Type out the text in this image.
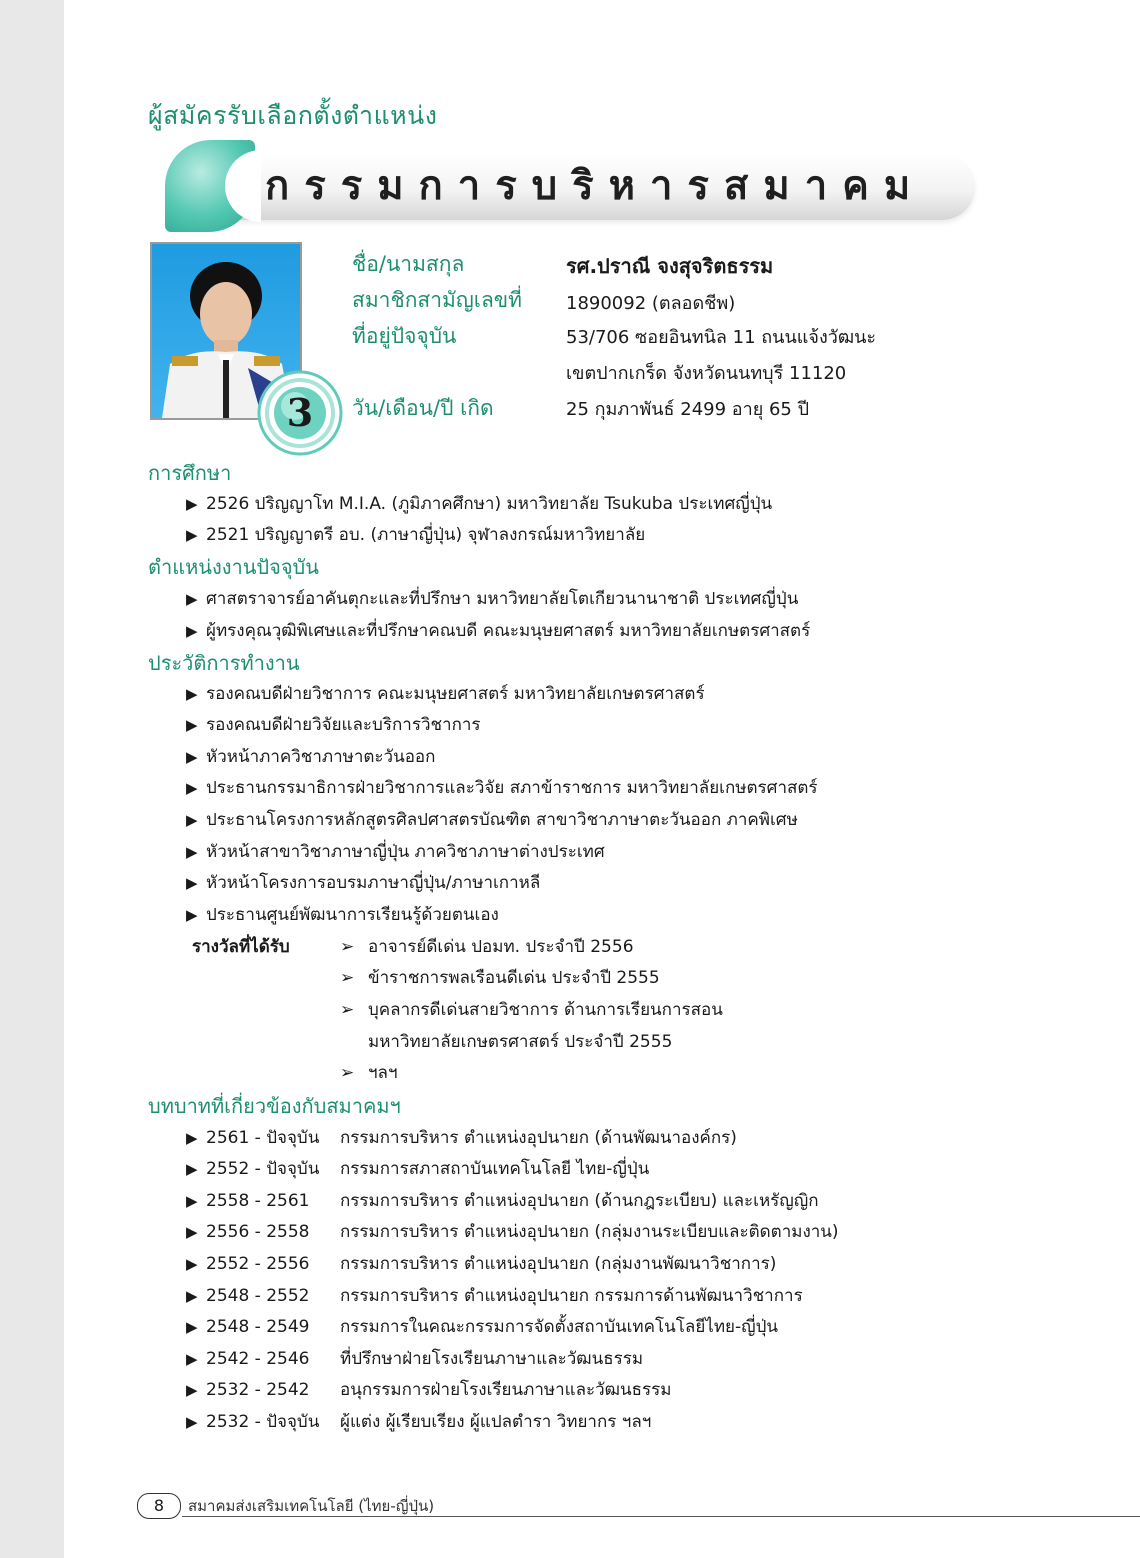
ผู้สมัครรับเลือกตั้งตำแหน่ง
กรรมการบริหารสมาคม
3
ชื่อ/นามสกุล	รศ.ปราณี จงสุจริตธรรม
สมาชิกสามัญเลขที่ 1890092 (ตลอดชีพ)
ที่อยู่ปัจจุบัน	53/706 ซอยอินทนิล 11 ถนนแจ้งวัฒนะ
เขตปากเกร็ด จังหวัดนนทบุรี 11120
วัน/เดือน/ปี เกิด	25 กุมภาพันธ์ 2499 อายุ 65 ปี
การศึกษา
▶ 2526 ปริญญาโท M.I.A. (ภูมิภาคศึกษา) มหาวิทยาลัย Tsukuba ประเทศญี่ปุ่น
▶ 2521 ปริญญาตรี อบ. (ภาษาญี่ปุ่น) จุฬาลงกรณ์มหาวิทยาลัย
ตำแหน่งงานปัจจุบัน
▶ ศาสตราจารย์อาคันตุกะและที่ปรึกษา มหาวิทยาลัยโตเกียวนานาชาติ ประเทศญี่ปุ่น
▶ ผู้ทรงคุณวุฒิพิเศษและที่ปรึกษาคณบดี คณะมนุษยศาสตร์ มหาวิทยาลัยเกษตรศาสตร์
ประวัติการทำงาน
▶ รองคณบดีฝ่ายวิชาการ คณะมนุษยศาสตร์ มหาวิทยาลัยเกษตรศาสตร์
▶ รองคณบดีฝ่ายวิจัยและบริการวิชาการ
▶ หัวหน้าภาควิชาภาษาตะวันออก
▶ ประธานกรรมาธิการฝ่ายวิชาการและวิจัย สภาข้าราชการ มหาวิทยาลัยเกษตรศาสตร์
▶ ประธานโครงการหลักสูตรศิลปศาสตรบัณฑิต สาขาวิชาภาษาตะวันออก ภาคพิเศษ
▶ หัวหน้าสาขาวิชาภาษาญี่ปุ่น ภาควิชาภาษาต่างประเทศ
▶ หัวหน้าโครงการอบรมภาษาญี่ปุ่น/ภาษาเกาหลี
▶ ประธานศูนย์พัฒนาการเรียนรู้ด้วยตนเอง
รางวัลที่ได้รับ	➢ อาจารย์ดีเด่น ปอมท. ประจำปี 2556
➢ ข้าราชการพลเรือนดีเด่น ประจำปี 2555
➢ บุคลากรดีเด่นสายวิชาการ ด้านการเรียนการสอน
มหาวิทยาลัยเกษตรศาสตร์ ประจำปี 2555
➢ ฯลฯ
บทบาทที่เกี่ยวข้องกับสมาคมฯ
▶ 2561 - ปัจจุบัน กรรมการบริหาร ตำแหน่งอุปนายก (ด้านพัฒนาองค์กร)
▶ 2552 - ปัจจุบัน กรรมการสภาสถาบันเทคโนโลยี ไทย-ญี่ปุ่น
▶ 2558 - 2561 กรรมการบริหาร ตำแหน่งอุปนายก (ด้านกฎระเบียบ) และเหรัญญิก
▶ 2556 - 2558 กรรมการบริหาร ตำแหน่งอุปนายก (กลุ่มงานระเบียบและติดตามงาน)
▶ 2552 - 2556 กรรมการบริหาร ตำแหน่งอุปนายก (กลุ่มงานพัฒนาวิชาการ)
▶ 2548 - 2552 กรรมการบริหาร ตำแหน่งอุปนายก กรรมการด้านพัฒนาวิชาการ
▶ 2548 - 2549 กรรมการในคณะกรรมการจัดตั้งสถาบันเทคโนโลยีไทย-ญี่ปุ่น
▶ 2542 - 2546 ที่ปรึกษาฝ่ายโรงเรียนภาษาและวัฒนธรรม
▶ 2532 - 2542 อนุกรรมการฝ่ายโรงเรียนภาษาและวัฒนธรรม
▶ 2532 - ปัจจุบัน ผู้แต่ง ผู้เรียบเรียง ผู้แปลตำรา วิทยากร ฯลฯ
8	สมาคมส่งเสริมเทคโนโลยี (ไทย-ญี่ปุ่น)
